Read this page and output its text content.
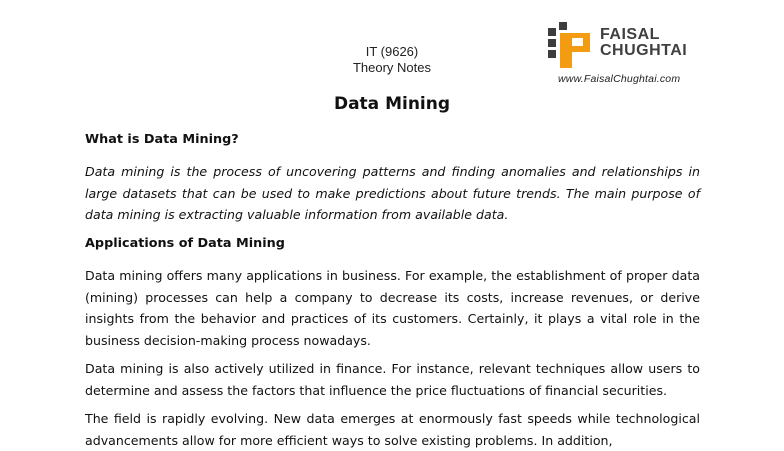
IT (9626)
Theory Notes
FAISAL
CHUGHTAI
www.FaisalChughtai.com
Data Mining
What is Data Mining?
Data mining is the process of uncovering patterns and finding anomalies and relationships in large datasets that can be used to make predictions about future trends. The main purpose of data mining is extracting valuable information from available data.
Applications of Data Mining
Data mining offers many applications in business. For example, the establishment of proper data (mining) processes can help a company to decrease its costs, increase revenues, or derive insights from the behavior and practices of its customers. Certainly, it plays a vital role in the business decision-making process nowadays.
Data mining is also actively utilized in finance. For instance, relevant techniques allow users to determine and assess the factors that influence the price fluctuations of financial securities.
The field is rapidly evolving. New data emerges at enormously fast speeds while technological advancements allow for more efficient ways to solve existing problems. In addition,
